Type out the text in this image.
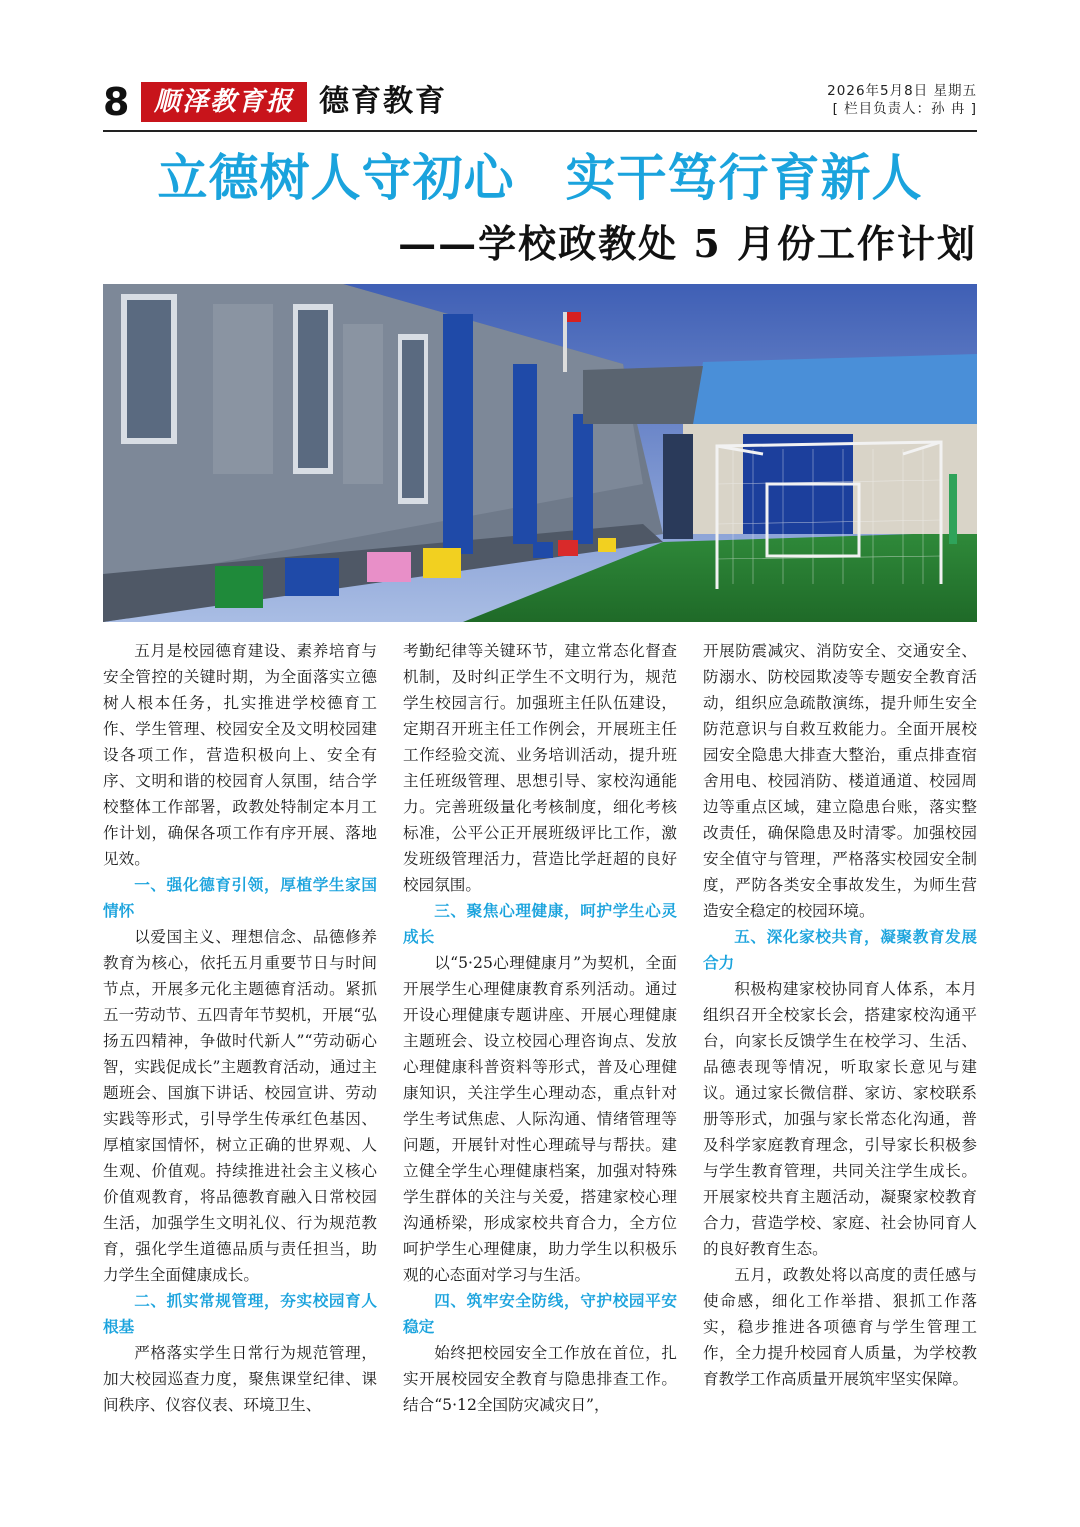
8 顺泽教育报 德育教育	2026年5月8日 星期五
[ 栏目负责人：孙 冉 ]
立德树人守初心　实干笃行育新人
——学校政教处 5 月份工作计划

五月是校园德育建设、素养培育与安全管控的关键时期，为全面落实立德树人根本任务，扎实推进学校德育工作、学生管理、校园安全及文明校园建设各项工作，营造积极向上、安全有序、文明和谐的校园育人氛围，结合学校整体工作部署，政教处特制定本月工作计划，确保各项工作有序开展、落地见效。

一、强化德育引领，厚植学生家国情怀

以爱国主义、理想信念、品德修养教育为核心，依托五月重要节日与时间节点，开展多元化主题德育活动。紧抓五一劳动节、五四青年节契机，开展“弘扬五四精神，争做时代新人”“劳动砺心智，实践促成长”主题教育活动，通过主题班会、国旗下讲话、校园宣讲、劳动实践等形式，引导学生传承红色基因、厚植家国情怀，树立正确的世界观、人生观、价值观。持续推进社会主义核心价值观教育，将品德教育融入日常校园生活，加强学生文明礼仪、行为规范教育，强化学生道德品质与责任担当，助力学生全面健康成长。

二、抓实常规管理，夯实校园育人根基

严格落实学生日常行为规范管理，加大校园巡查力度，聚焦课堂纪律、课间秩序、仪容仪表、环境卫生、

考勤纪律等关键环节，建立常态化督查机制，及时纠正学生不文明行为，规范学生校园言行。加强班主任队伍建设，定期召开班主任工作例会，开展班主任工作经验交流、业务培训活动，提升班主任班级管理、思想引导、家校沟通能力。完善班级量化考核制度，细化考核标准，公平公正开展班级评比工作，激发班级管理活力，营造比学赶超的良好校园氛围。

三、聚焦心理健康，呵护学生心灵成长

以“5·25心理健康月”为契机，全面开展学生心理健康教育系列活动。通过开设心理健康专题讲座、开展心理健康主题班会、设立校园心理咨询点、发放心理健康科普资料等形式，普及心理健康知识，关注学生心理动态，重点针对学生考试焦虑、人际沟通、情绪管理等问题，开展针对性心理疏导与帮扶。建立健全学生心理健康档案，加强对特殊学生群体的关注与关爱，搭建家校心理沟通桥梁，形成家校共育合力，全方位呵护学生心理健康，助力学生以积极乐观的心态面对学习与生活。

四、筑牢安全防线，守护校园平安稳定

始终把校园安全工作放在首位，扎实开展校园安全教育与隐患排查工作。结合“5·12全国防灾减灾日”，

开展防震减灾、消防安全、交通安全、防溺水、防校园欺凌等专题安全教育活动，组织应急疏散演练，提升师生安全防范意识与自救互救能力。全面开展校园安全隐患大排查大整治，重点排查宿舍用电、校园消防、楼道通道、校园周边等重点区域，建立隐患台账，落实整改责任，确保隐患及时清零。加强校园安全值守与管理，严格落实校园安全制度，严防各类安全事故发生，为师生营造安全稳定的校园环境。

五、深化家校共育，凝聚教育发展合力

积极构建家校协同育人体系，本月组织召开全校家长会，搭建家校沟通平台，向家长反馈学生在校学习、生活、品德表现等情况，听取家长意见与建议。通过家长微信群、家访、家校联系册等形式，加强与家长常态化沟通，普及科学家庭教育理念，引导家长积极参与学生教育管理，共同关注学生成长。开展家校共育主题活动，凝聚家校教育合力，营造学校、家庭、社会协同育人的良好教育生态。

五月，政教处将以高度的责任感与使命感，细化工作举措、狠抓工作落实，稳步推进各项德育与学生管理工作，全力提升校园育人质量，为学校教育教学工作高质量开展筑牢坚实保障。
